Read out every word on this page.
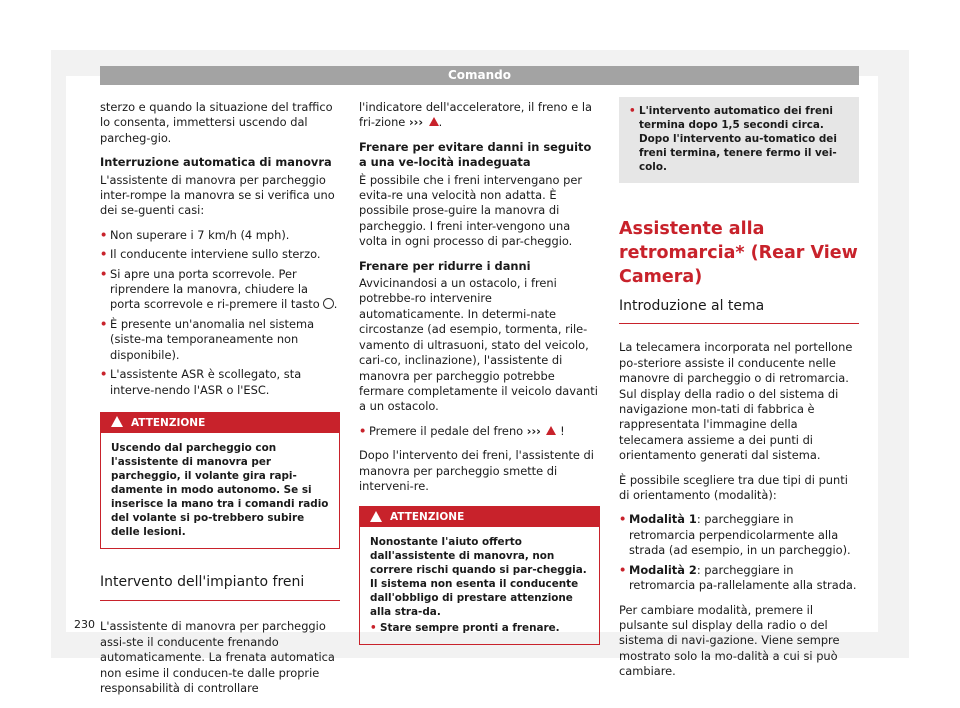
Comando

sterzo e quando la situazione del traffico lo consenta, immettersi uscendo dal parcheg-gio.

Interruzione automatica di manovra

L'assistente di manovra per parcheggio inter-rompe la manovra se si verifica uno dei se-guenti casi:

• Non superare i 7 km/h (4 mph).
• Il conducente interviene sullo sterzo.
• Si apre una porta scorrevole. Per riprendere la manovra, chiudere la porta scorrevole e ri-premere il tasto .
• È presente un'anomalia nel sistema (siste-ma temporaneamente non disponibile).
• L'assistente ASR è scollegato, sta interve-nendo l'ASR o l'ESC.
ATTENZIONE
Uscendo dal parcheggio con l'assistente di manovra per parcheggio, il volante gira rapi-damente in modo autonomo. Se si inserisce la mano tra i comandi radio del volante si po-trebbero subire delle lesioni.
Intervento dell'impianto freni

L'assistente di manovra per parcheggio assi-ste il conducente frenando automaticamente. La frenata automatica non esime il conducen-te dalle proprie responsabilità di controllare

l'indicatore dell'acceleratore, il freno e la fri-zione ››› .

Frenare per evitare danni in seguito a una ve-locità inadeguata

È possibile che i freni intervengano per evita-re una velocità non adatta. È possibile prose-guire la manovra di parcheggio. I freni inter-vengono una volta in ogni processo di par-cheggio.

Frenare per ridurre i danni

Avvicinandosi a un ostacolo, i freni potrebbe-ro intervenire automaticamente. In determi-nate circostanze (ad esempio, tormenta, rile-vamento di ultrasuoni, stato del veicolo, cari-co, inclinazione), l'assistente di manovra per parcheggio potrebbe fermare completamente il veicolo davanti a un ostacolo.

• Premere il pedale del freno ›››  !

Dopo l'intervento dei freni, l'assistente di manovra per parcheggio smette di interveni-re.

ATTENZIONE
Nonostante l'aiuto offerto dall'assistente di manovra, non correre rischi quando si par-cheggia. Il sistema non esenta il conducente dall'obbligo di prestare attenzione alla stra-da.
• Stare sempre pronti a frenare.
• L'intervento automatico dei freni termina dopo 1,5 secondi circa. Dopo l'intervento au-tomatico dei freni termina, tenere fermo il vei-colo.
Assistente alla retromarcia* (Rear View Camera)
Introduzione al tema

La telecamera incorporata nel portellone po-steriore assiste il conducente nelle manovre di parcheggio o di retromarcia. Sul display della radio o del sistema di navigazione mon-tati di fabbrica è rappresentata l'immagine della telecamera assieme a dei punti di orientamento generati dal sistema.

È possibile scegliere tra due tipi di punti di orientamento (modalità):

• Modalità 1: parcheggiare in retromarcia perpendicolarmente alla strada (ad esempio, in un parcheggio).
• Modalità 2: parcheggiare in retromarcia pa-rallelamente alla strada.

Per cambiare modalità, premere il pulsante sul display della radio o del sistema di navi-gazione. Viene sempre mostrato solo la mo-dalità a cui si può cambiare.

230
